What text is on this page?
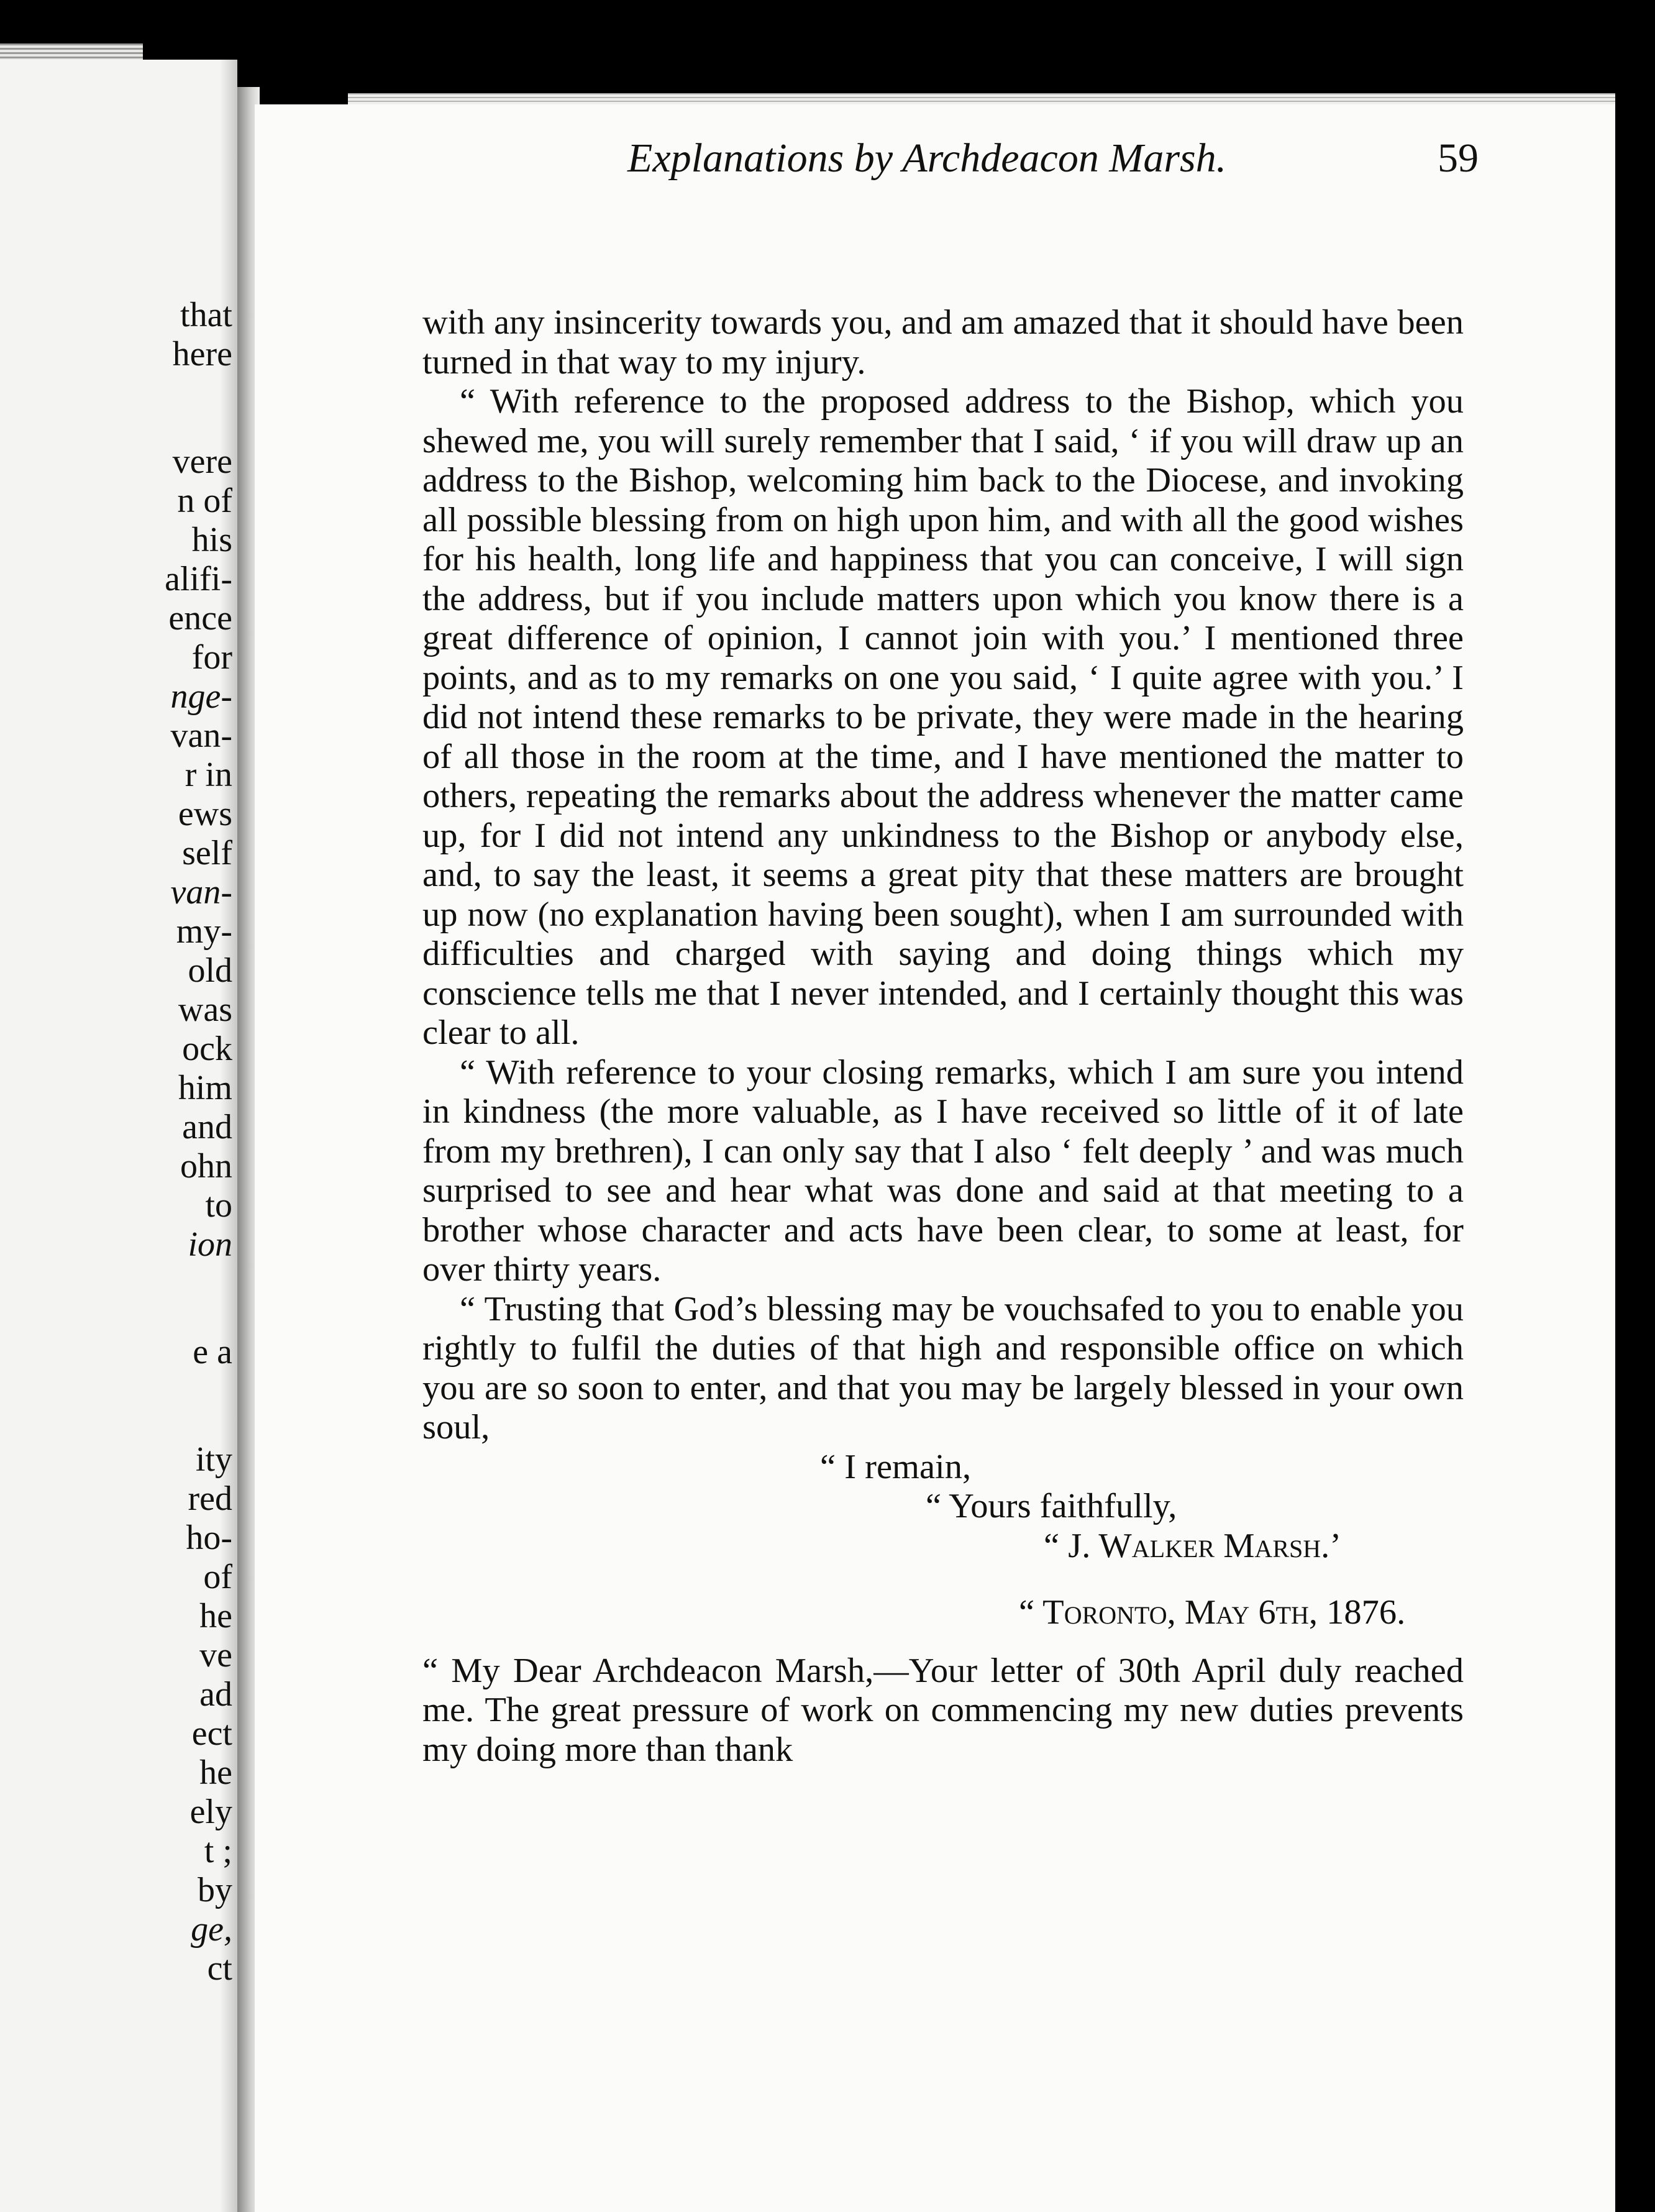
that
here
vere
n of
his
alifi-
ence
for
nge-
van-
r in
ews
self
van-
my-
old
was
ock
him
and
ohn
to
ion
e a
ity
red
ho-
of
he
ve
ad
ect
he
ely
t ;
by
ge,
ct
Explanations by Archdeacon Marsh.	59

with any insincerity towards you, and am amazed that it should have been turned in that way to my injury.

“ With reference to the proposed address to the Bishop, which you shewed me, you will surely remember that I said, ‘ if you will draw up an address to the Bishop, welcoming him back to the Diocese, and invoking all possible blessing from on high upon him, and with all the good wishes for his health, long life and happiness that you can conceive, I will sign the address, but if you include matters upon which you know there is a great difference of opinion, I cannot join with you.’ I mentioned three points, and as to my remarks on one you said, ‘ I quite agree with you.’ I did not intend these remarks to be private, they were made in the hearing of all those in the room at the time, and I have mentioned the matter to others, repeating the remarks about the address whenever the matter came up, for I did not intend any unkindness to the Bishop or anybody else, and, to say the least, it seems a great pity that these matters are brought up now (no explanation having been sought), when I am surrounded with difficulties and charged with saying and doing things which my conscience tells me that I never intended, and I certainly thought this was clear to all.

“ With reference to your closing remarks, which I am sure you intend in kindness (the more valuable, as I have received so little of it of late from my brethren), I can only say that I also ‘ felt deeply ’ and was much surprised to see and hear what was done and said at that meeting to a brother whose character and acts have been clear, to some at least, for over thirty years.

“ Trusting that God’s blessing may be vouchsafed to you to enable you rightly to fulfil the duties of that high and responsible office on which you are so soon to enter, and that you may be largely blessed in your own soul,

“ I remain,

“ Yours faithfully,

“ J. Walker Marsh.’

“ Toronto, May 6th, 1876.

“ My Dear Archdeacon Marsh,—Your letter of 30th April duly reached me. The great pressure of work on commencing my new duties prevents my doing more than thank
